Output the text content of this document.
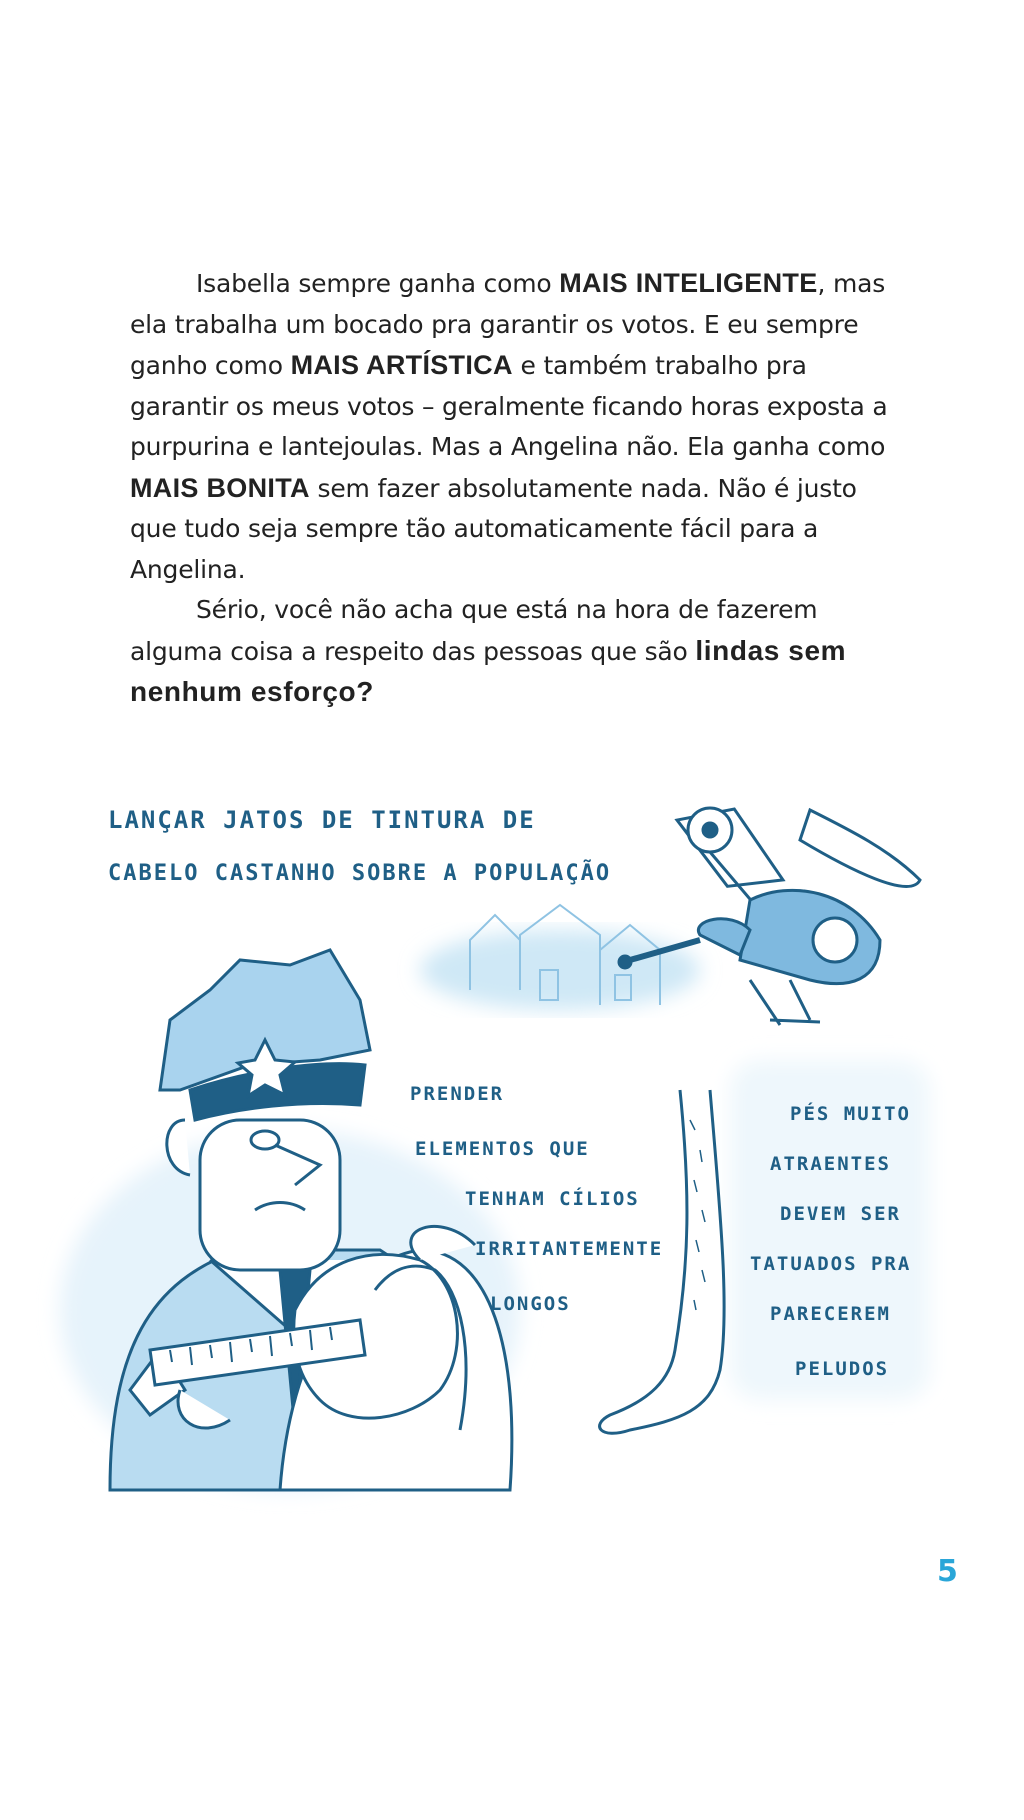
Isabella sempre ganha como MAIS INTELIGENTE, mas ela trabalha um bocado pra garantir os votos. E eu sempre ganho como MAIS ARTÍSTICA e também trabalho pra garantir os meus votos – geralmente ficando horas exposta a purpurina e lantejoulas. Mas a Angelina não. Ela ganha como MAIS BONITA sem fazer absolutamente nada. Não é justo que tudo seja sempre tão automaticamente fácil para a Angelina.

Sério, você não acha que está na hora de fazerem alguma coisa a respeito das pessoas que são lindas sem nenhum esforço?

LANÇAR JATOS DE TINTURA DE
CABELO CASTANHO SOBRE A POPULAÇÃO
PRENDER
ELEMENTOS QUE
TENHAM CÍLIOS
IRRITANTEMENTE
LONGOS
PÉS MUITO
ATRAENTES
DEVEM SER
TATUADOS PRA
PARECEREM
PELUDOS
5
